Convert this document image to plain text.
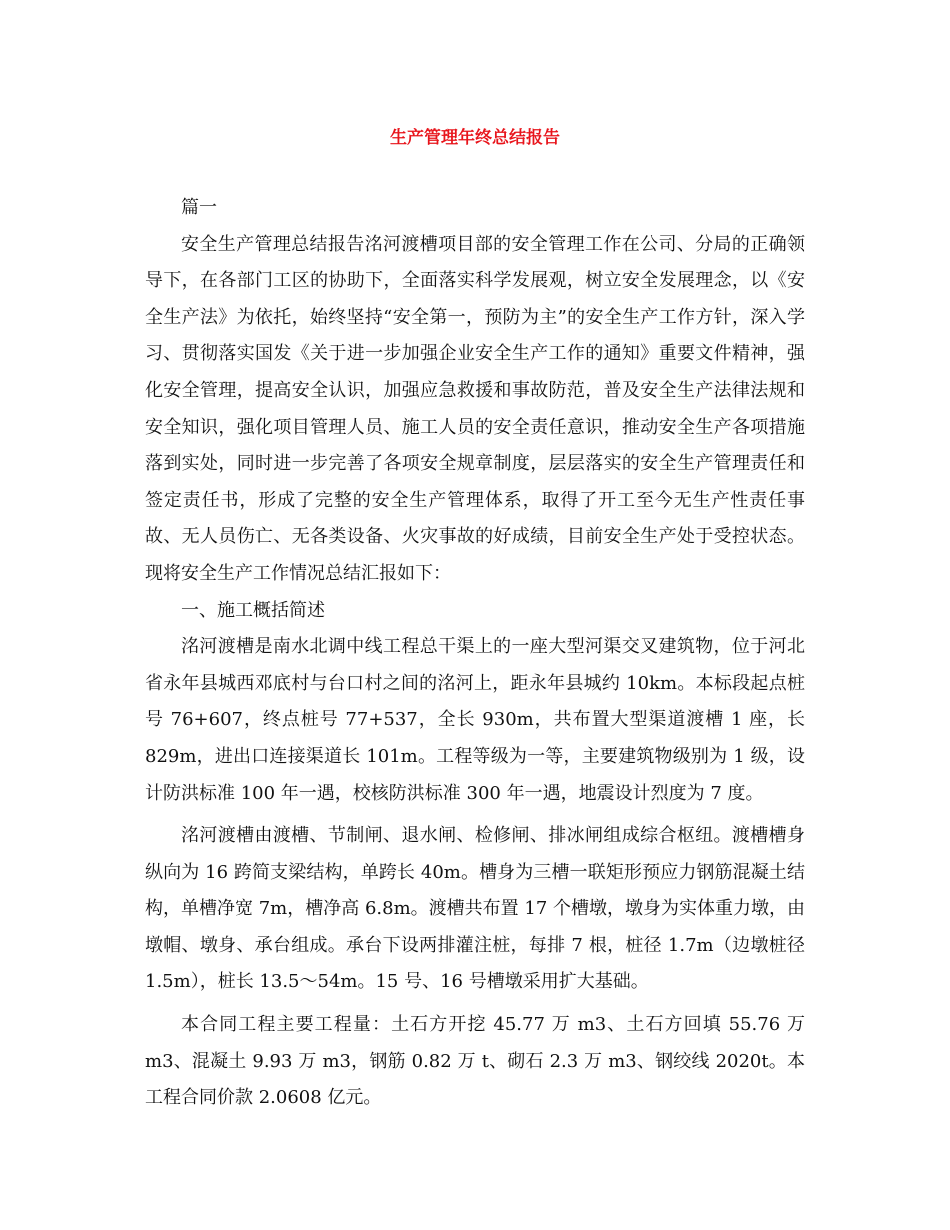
生产管理年终总结报告

篇一

安全生产管理总结报告洺河渡槽项目部的安全管理工作在公司、分局的正确领导下，在各部门工区的协助下，全面落实科学发展观，树立安全发展理念，以《安全生产法》为依托，始终坚持“安全第一，预防为主”的安全生产工作方针，深入学习、贯彻落实国发《关于进一步加强企业安全生产工作的通知》重要文件精神，强化安全管理，提高安全认识，加强应急救援和事故防范，普及安全生产法律法规和安全知识，强化项目管理人员、施工人员的安全责任意识，推动安全生产各项措施落到实处，同时进一步完善了各项安全规章制度，层层落实的安全生产管理责任和签定责任书，形成了完整的安全生产管理体系，取得了开工至今无生产性责任事故、无人员伤亡、无各类设备、火灾事故的好成绩，目前安全生产处于受控状态。现将安全生产工作情况总结汇报如下：

一、施工概括简述

洺河渡槽是南水北调中线工程总干渠上的一座大型河渠交叉建筑物，位于河北省永年县城西邓底村与台口村之间的洺河上，距永年县城约 10km。本标段起点桩号 76+607，终点桩号 77+537，全长 930m，共布置大型渠道渡槽 1 座，长829m，进出口连接渠道长 101m。工程等级为一等，主要建筑物级别为 1 级，设计防洪标准 100 年一遇，校核防洪标准 300 年一遇，地震设计烈度为 7 度。

洺河渡槽由渡槽、节制闸、退水闸、检修闸、排冰闸组成综合枢纽。渡槽槽身纵向为 16 跨简支梁结构，单跨长 40m。槽身为三槽一联矩形预应力钢筋混凝土结构，单槽净宽 7m，槽净高 6.8m。渡槽共布置 17 个槽墩，墩身为实体重力墩，由墩帽、墩身、承台组成。承台下设两排灌注桩，每排 7 根，桩径 1.7m（边墩桩径 1.5m），桩长 13.5～54m。15 号、16 号槽墩采用扩大基础。

本合同工程主要工程量：土石方开挖 45.77 万 m3、土石方回填 55.76 万 m3、混凝土 9.93 万 m3，钢筋 0.82 万 t、砌石 2.3 万 m3、钢绞线 2020t。本工程合同价款 2.0608 亿元。
